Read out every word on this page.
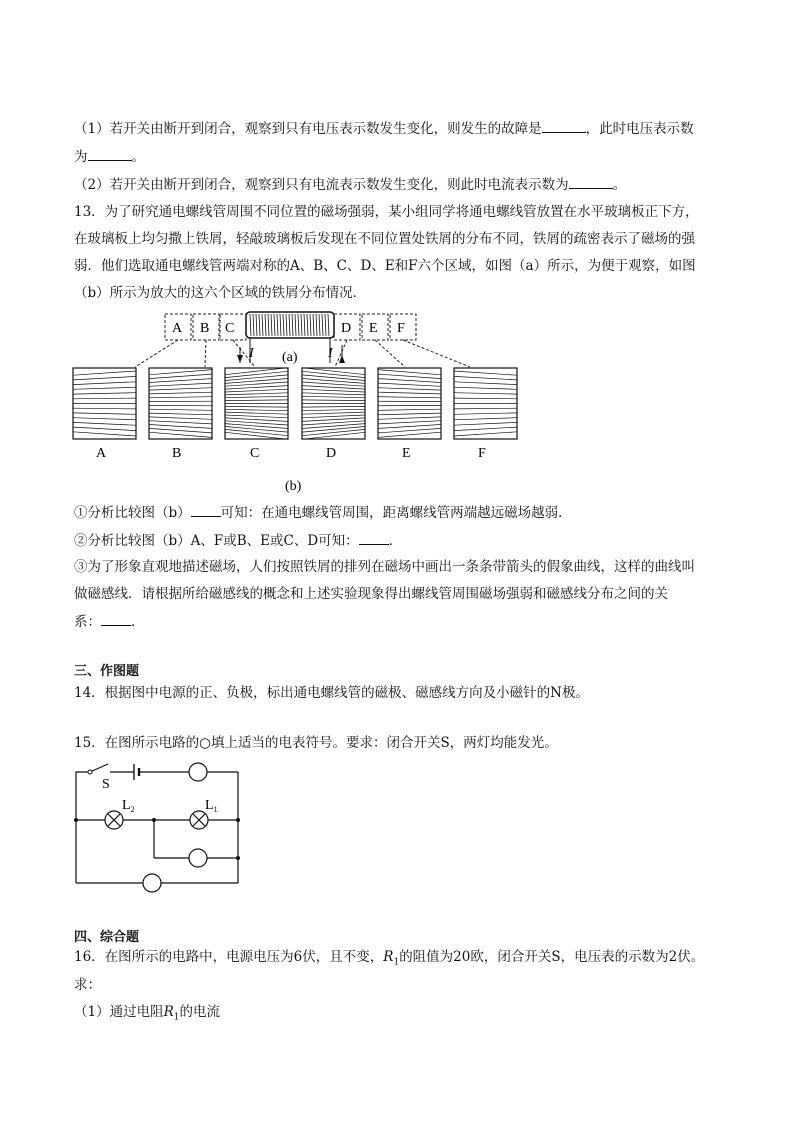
（1）若开关由断开到闭合，观察到只有电压表示数发生变化，则发生的故障是	，此时电压表示数
为	。
（2）若开关由断开到闭合，观察到只有电流表示数发生变化，则此时电流表示数为	。
13．为了研究通电螺线管周围不同位置的磁场强弱，某小组同学将通电螺线管放置在水平玻璃板正下方，
在玻璃板上均匀撒上铁屑，轻敲玻璃板后发现在不同位置处铁屑的分布不同，铁屑的疏密表示了磁场的强
弱．他们选取通电螺线管两端对称的A、B、C、D、E和F六个区域，如图（a）所示，为便于观察，如图
（b）所示为放大的这六个区域的铁屑分布情况．
A B C	D E F
I	I
(a)
A	B	C	D	E	F
(b)
①分析比较图（b） 可知：在通电螺线管周围，距离螺线管两端越远磁场越弱．
②分析比较图（b）A、F或B、E或C、D可知： ．
③为了形象直观地描述磁场，人们按照铁屑的排列在磁场中画出一条条带箭头的假象曲线，这样的曲线叫
做磁感线．请根据所给磁感线的概念和上述实验现象得出螺线管周围磁场强弱和磁感线分布之间的关
系： ．
三、作图题
14．根据图中电源的正、负极，标出通电螺线管的磁极、磁感线方向及小磁针的N极。
15．在图所示电路的○填上适当的电表符号。要求：闭合开关S，两灯均能发光。
S
$L_2$	$L_1$
四、综合题
16．在图所示的电路中，电源电压为6伏，且不变，$R_1$的阻值为20欧，闭合开关S，电压表的示数为2伏。
求：
（1）通过电阻$R_1$的电流
